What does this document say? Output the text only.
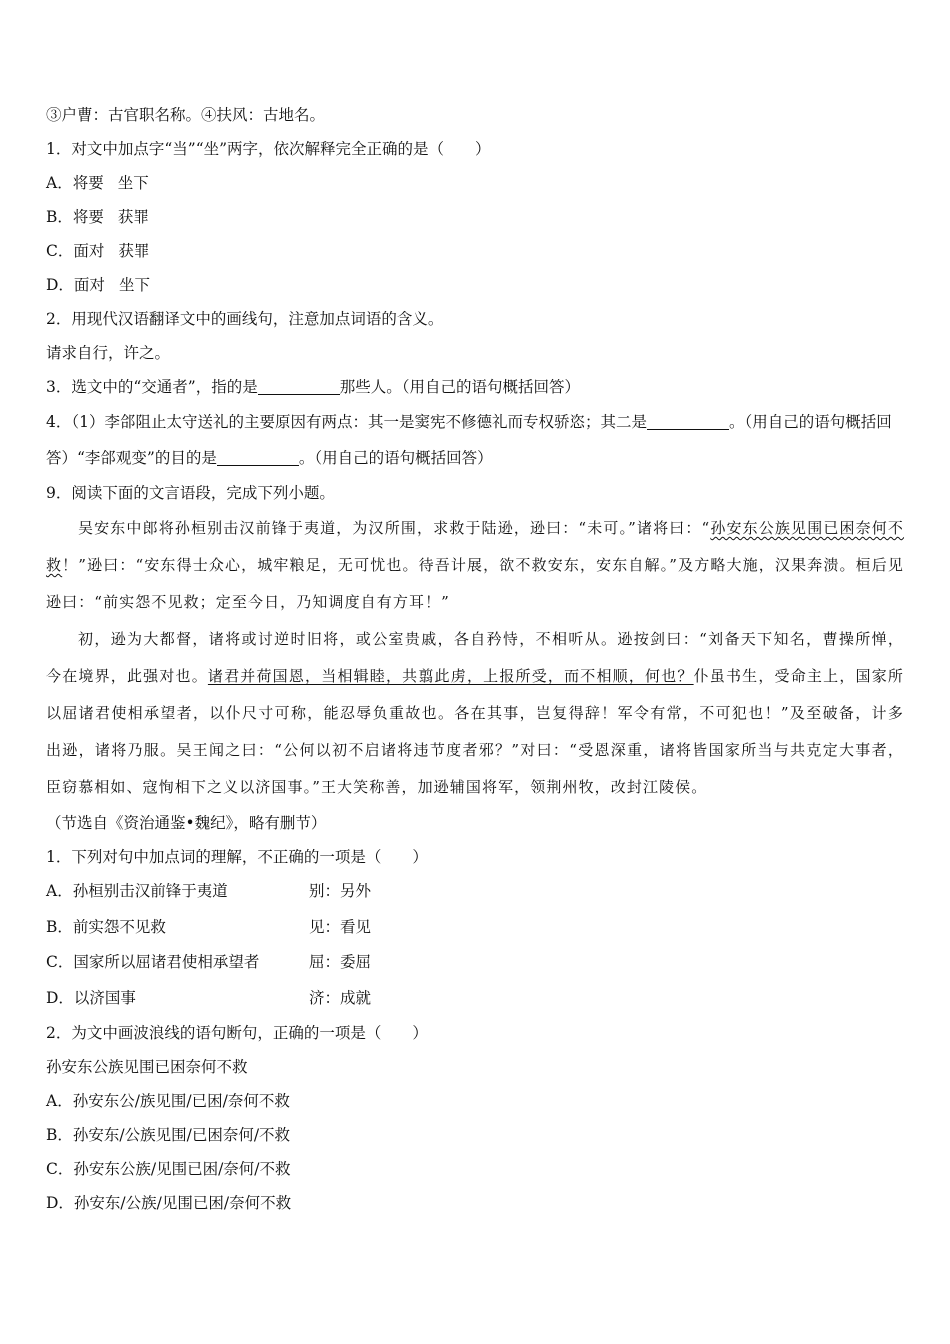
③户曹：古官职名称。④扶风：古地名。
1．对文中加点字“当”“坐”两字，依次解释完全正确的是（　　）
A．将要 坐下
B．将要 获罪
C．面对 获罪
D．面对 坐下
2．用现代汉语翻译文中的画线句，注意加点词语的含义。
请求自行，许之。
3．选文中的“交通者”，指的是	那些人。（用自己的语句概括回答）
4．（1）李郃阻止太守送礼的主要原因有两点：其一是窦宪不修德礼而专权骄恣；其二是	。（用自己的语句概括回答）“李郃观变”的目的是	。（用自己的语句概括回答）
9．阅读下面的文言语段，完成下列小题。

吴安东中郎将孙桓别击汉前锋于夷道，为汉所围，求救于陆逊，逊曰：“未可。”诸将曰：“孙安东公族见围已困奈何不救！”逊曰：“安东得士众心，城牢粮足，无可忧也。待吾计展，欲不救安东，安东自解。”及方略大施，汉果奔溃。桓后见逊曰：“前实怨不见救；定至今日，乃知调度自有方耳！”

初，逊为大都督，诸将或讨逆时旧将，或公室贵戚，各自矜恃，不相听从。逊按剑曰：“刘备天下知名，曹操所惮，今在境界，此强对也。诸君并荷国恩，当相辑睦，共翦此虏，上报所受，而不相顺，何也？仆虽书生，受命主上，国家所以屈诸君使相承望者，以仆尺寸可称，能忍辱负重故也。各在其事，岂复得辞！军令有常，不可犯也！”及至破备，计多出逊，诸将乃服。吴王闻之曰：“公何以初不启诸将违节度者邪？”对曰：“受恩深重，诸将皆国家所当与共克定大事者，臣窃慕相如、寇恂相下之义以济国事。”王大笑称善，加逊辅国将军，领荆州牧，改封江陵侯。

（节选自《资治通鉴•魏纪》，略有删节）
1．下列对句中加点词的理解，不正确的一项是（　　）
A．孙桓别击汉前锋于夷道	别：另外
B．前实怨不见救	见：看见
C．国家所以屈诸君使相承望者	屈：委屈
D．以济国事	济：成就
2．为文中画波浪线的语句断句，正确的一项是（　　）
孙安东公族见围已困奈何不救
A．孙安东公/族见围/已困/奈何不救
B．孙安东/公族见围/已困奈何/不救
C．孙安东公族/见围已困/奈何/不救
D．孙安东/公族/见围已困/奈何不救
